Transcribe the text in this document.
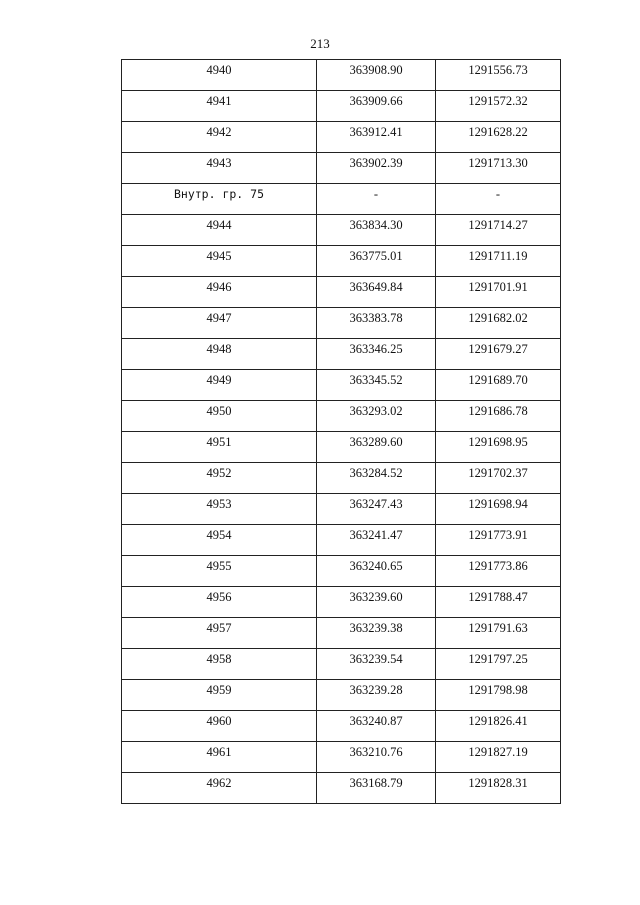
213
4940	363908.90	1291556.73
4941	363909.66	1291572.32
4942	363912.41	1291628.22
4943	363902.39	1291713.30
Внутр. гр. 75	-	-
4944	363834.30	1291714.27
4945	363775.01	1291711.19
4946	363649.84	1291701.91
4947	363383.78	1291682.02
4948	363346.25	1291679.27
4949	363345.52	1291689.70
4950	363293.02	1291686.78
4951	363289.60	1291698.95
4952	363284.52	1291702.37
4953	363247.43	1291698.94
4954	363241.47	1291773.91
4955	363240.65	1291773.86
4956	363239.60	1291788.47
4957	363239.38	1291791.63
4958	363239.54	1291797.25
4959	363239.28	1291798.98
4960	363240.87	1291826.41
4961	363210.76	1291827.19
4962	363168.79	1291828.31
